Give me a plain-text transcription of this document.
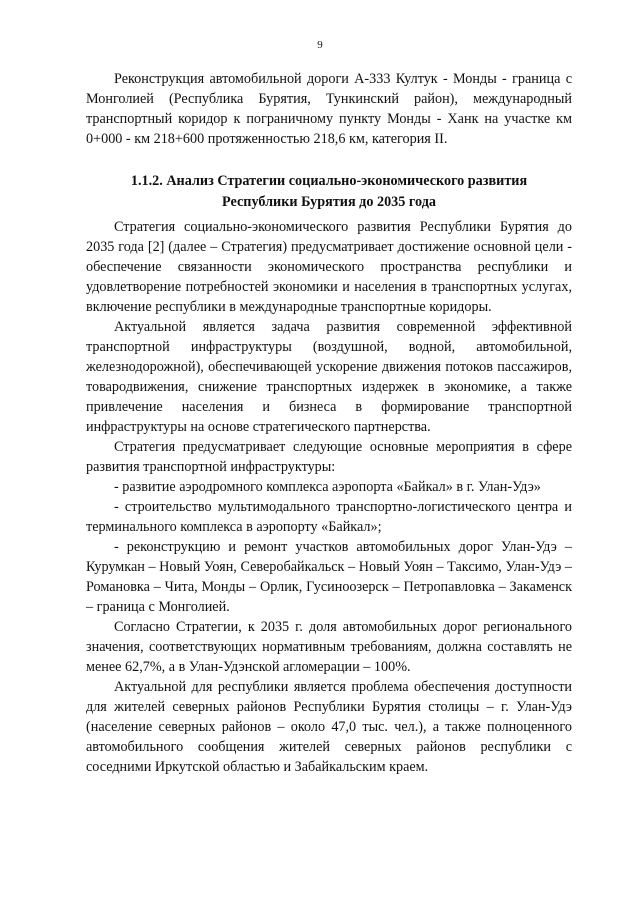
9

Реконструкция автомобильной дороги А-333 Култук - Монды - граница с Монголией (Республика Бурятия, Тункинский район), международный транспортный коридор к пограничному пункту Монды - Ханк на участке км 0+000 - км 218+600 протяженностью 218,6 км, категория II.

1.1.2. Анализ Стратегии социально-экономического развития
Республики Бурятия до 2035 года

Стратегия социально-экономического развития Республики Бурятия до 2035 года [2] (далее – Стратегия) предусматривает достижение основной цели - обеспечение связанности экономического пространства республики и удовлетворение потребностей экономики и населения в транспортных услугах, включение республики в международные транспортные коридоры.

Актуальной является задача развития современной эффективной транспортной инфраструктуры (воздушной, водной, автомобильной, железнодорожной), обеспечивающей ускорение движения потоков пассажиров, товародвижения, снижение транспортных издержек в экономике, а также привлечение населения и бизнеса в формирование транспортной инфраструктуры на основе стратегического партнерства.

Стратегия предусматривает следующие основные мероприятия в сфере развития транспортной инфраструктуры:

- развитие аэродромного комплекса аэропорта «Байкал» в г. Улан-Удэ»

- строительство мультимодального транспортно-логистического центра и терминального комплекса в аэропорту «Байкал»;

- реконструкцию и ремонт участков автомобильных дорог Улан-Удэ – Курумкан – Новый Уоян, Северобайкальск – Новый Уоян – Таксимо, Улан-Удэ – Романовка – Чита, Монды – Орлик, Гусиноозерск – Петропавловка – Закаменск – граница с Монголией.

Согласно Стратегии, к 2035 г. доля автомобильных дорог регионального значения, соответствующих нормативным требованиям, должна составлять не менее 62,7%, а в Улан-Удэнской агломерации – 100%.

Актуальной для республики является проблема обеспечения доступности для жителей северных районов Республики Бурятия столицы – г. Улан-Удэ (население северных районов – около 47,0 тыс. чел.), а также полноценного автомобильного сообщения жителей северных районов республики с соседними Иркутской областью и Забайкальским краем.
